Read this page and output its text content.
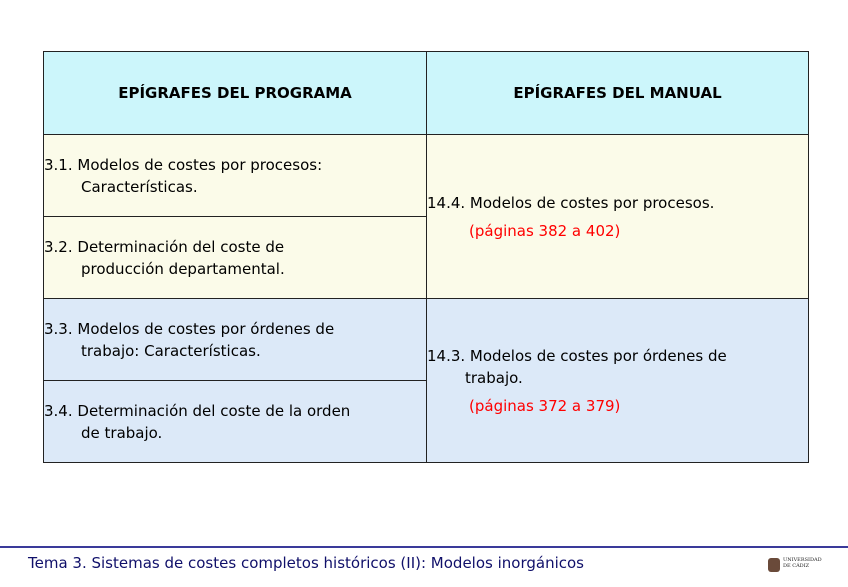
EPÍGRAFES DEL PROGRAMA	EPÍGRAFES DEL MANUAL
3.1. Modelos de costes por procesos:
Características.	14.4. Modelos de costes por procesos.
(páginas 382 a 402)

3.2. Determinación del coste de
producción departamental.	

3.3. Modelos de costes por órdenes de
trabajo: Características.	14.3. Modelos de costes por órdenes de
trabajo.
(páginas 372 a 379)

3.4. Determinación del coste de la orden
de trabajo.	
Tema 3. Sistemas de costes completos históricos (II): Modelos inorgánicos	UNIVERSIDAD
DE CÁDIZ
